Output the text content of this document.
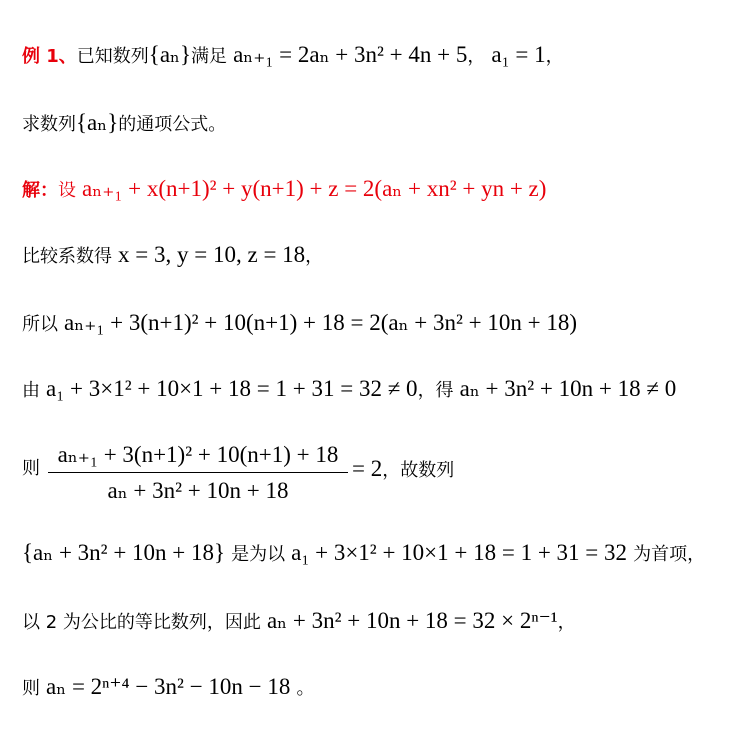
例 1、已知数列{aₙ}满足 aₙ₊₁ = 2aₙ + 3n² + 4n + 5， a₁ = 1，
求数列{aₙ}的通项公式。
解：设 aₙ₊₁ + x(n+1)² + y(n+1) + z = 2(aₙ + xn² + yn + z)
比较系数得 x = 3, y = 10, z = 18，
所以 aₙ₊₁ + 3(n+1)² + 10(n+1) + 18 = 2(aₙ + 3n² + 10n + 18)
由 a₁ + 3×1² + 10×1 + 18 = 1 + 31 = 32 ≠ 0，得 aₙ + 3n² + 10n + 18 ≠ 0
则
aₙ₊₁ + 3(n+1)² + 10(n+1) + 18
aₙ + 3n² + 10n + 18
= 2，故数列
{aₙ + 3n² + 10n + 18} 是为以 a₁ + 3×1² + 10×1 + 18 = 1 + 31 = 32 为首项，
以 2 为公比的等比数列，因此 aₙ + 3n² + 10n + 18 = 32 × 2ⁿ⁻¹，
则 aₙ = 2ⁿ⁺⁴ − 3n² − 10n − 18 。
